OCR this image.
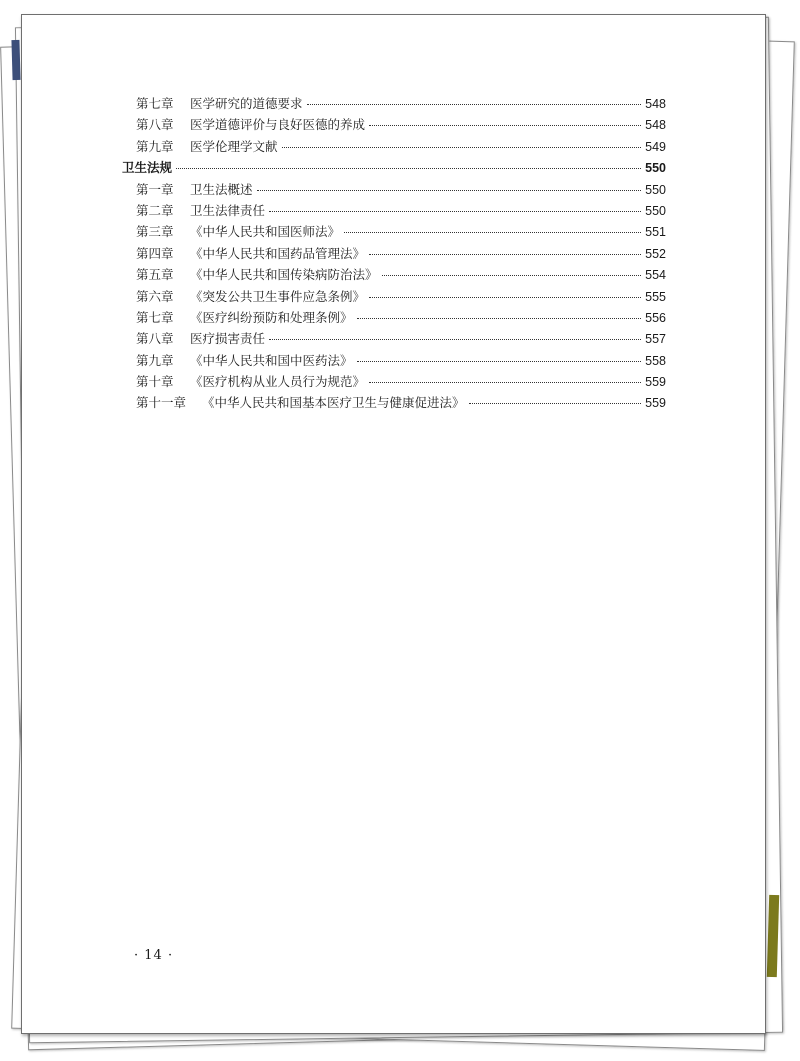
第七章 医学研究的道德要求	548
第八章 医学道德评价与良好医德的养成	548
第九章 医学伦理学文献	549
卫生法规	550
第一章 卫生法概述	550
第二章 卫生法律责任	550
第三章 《中华人民共和国医师法》	551
第四章 《中华人民共和国药品管理法》	552
第五章 《中华人民共和国传染病防治法》	554
第六章 《突发公共卫生事件应急条例》	555
第七章 《医疗纠纷预防和处理条例》	556
第八章 医疗损害责任	557
第九章 《中华人民共和国中医药法》	558
第十章 《医疗机构从业人员行为规范》	559
第十一章 《中华人民共和国基本医疗卫生与健康促进法》	559
· 14 ·
